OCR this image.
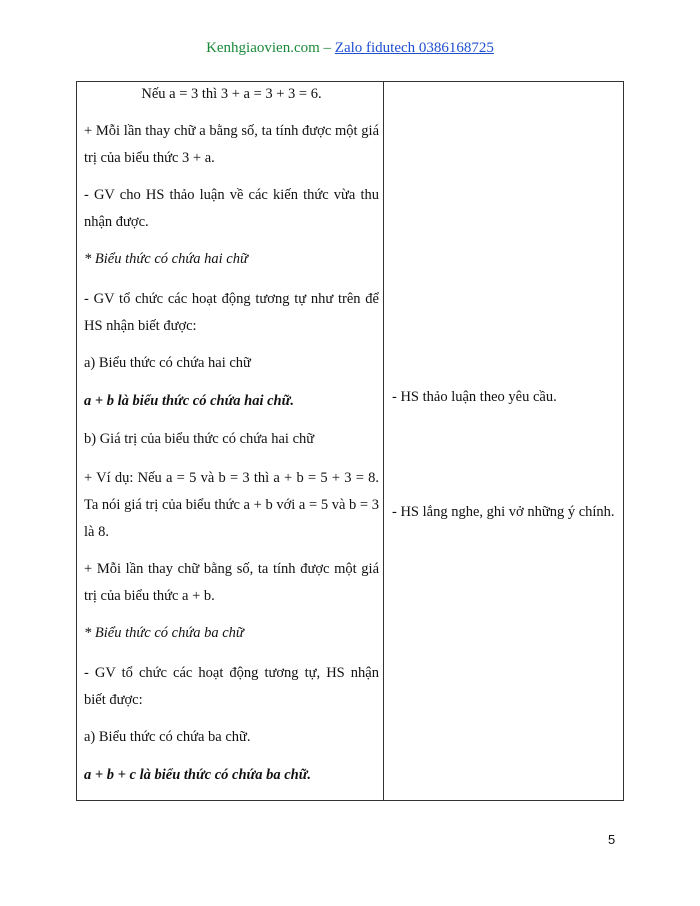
Kenhgiaovien.com – Zalo fidutech 0386168725
Nếu a = 3 thì 3 + a = 3 + 3 = 6.
+ Mỗi lần thay chữ a bằng số, ta tính được một giá trị của biểu thức 3 + a.
- GV cho HS thảo luận về các kiến thức vừa thu nhận được.
* Biểu thức có chứa hai chữ
- GV tổ chức các hoạt động tương tự như trên để HS nhận biết được:
a) Biểu thức có chứa hai chữ
a + b là biểu thức có chứa hai chữ.
b) Giá trị của biểu thức có chứa hai chữ
+ Ví dụ: Nếu a = 5 và b = 3 thì a + b = 5 + 3 = 8. Ta nói giá trị của biểu thức a + b với a = 5 và b = 3 là 8.
+ Mỗi lần thay chữ bằng số, ta tính được một giá trị của biểu thức a + b.
* Biểu thức có chứa ba chữ
- GV tổ chức các hoạt động tương tự, HS nhận biết được:
a) Biểu thức có chứa ba chữ.
a + b + c là biểu thức có chứa ba chữ.
- HS thảo luận theo yêu cầu.
- HS lắng nghe, ghi vở những ý chính.
5
